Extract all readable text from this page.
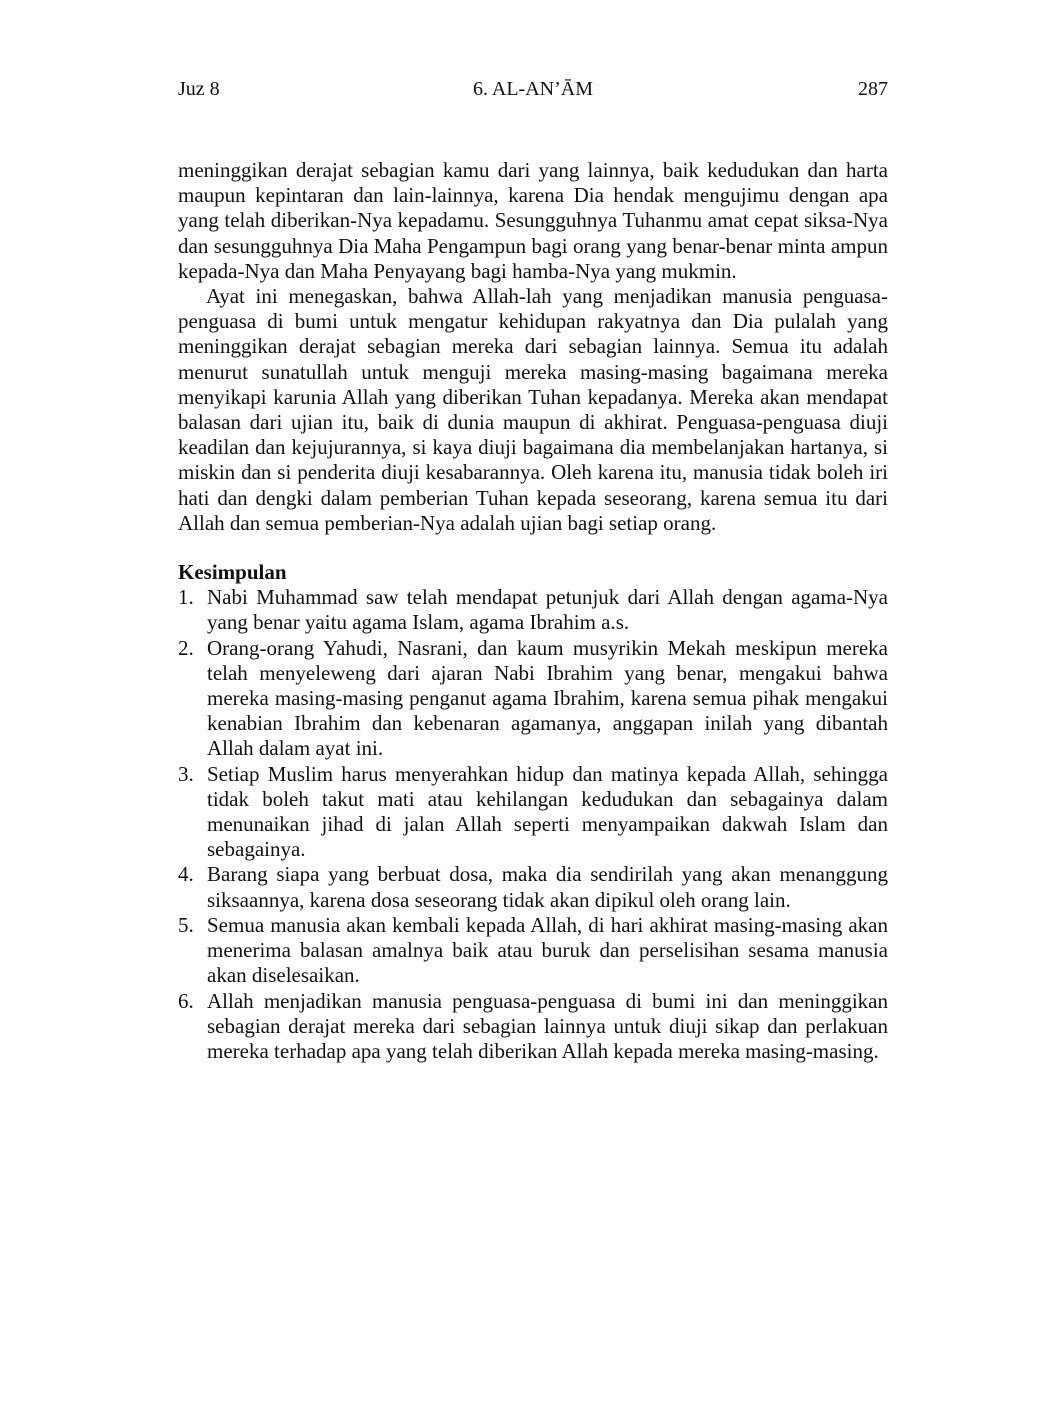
Juz 8	6. AL-AN’ĀM	287

meninggikan derajat sebagian kamu dari yang lainnya, baik kedudukan dan harta maupun kepintaran dan lain-lainnya, karena Dia hendak mengujimu dengan apa yang telah diberikan-Nya kepadamu. Sesungguhnya Tuhanmu amat cepat siksa-Nya dan sesungguhnya Dia Maha Pengampun bagi orang yang benar-benar minta ampun kepada-Nya dan Maha Penyayang bagi hamba-Nya yang mukmin.

Ayat ini menegaskan, bahwa Allah-lah yang menjadikan manusia penguasa-penguasa di bumi untuk mengatur kehidupan rakyatnya dan Dia pulalah yang meninggikan derajat sebagian mereka dari sebagian lainnya. Semua itu adalah menurut sunatullah untuk menguji mereka masing-masing bagaimana mereka menyikapi karunia Allah yang diberikan Tuhan kepadanya. Mereka akan mendapat balasan dari ujian itu, baik di dunia maupun di akhirat. Penguasa-penguasa diuji keadilan dan kejujurannya, si kaya diuji bagaimana dia membelanjakan hartanya, si miskin dan si penderita diuji kesabarannya. Oleh karena itu, manusia tidak boleh iri hati dan dengki dalam pemberian Tuhan kepada seseorang, karena semua itu dari Allah dan semua pemberian-Nya adalah ujian bagi setiap orang.

Kesimpulan
1. Nabi Muhammad saw telah mendapat petunjuk dari Allah dengan agama-Nya yang benar yaitu agama Islam, agama Ibrahim a.s.
2. Orang-orang Yahudi, Nasrani, dan kaum musyrikin Mekah meskipun mereka telah menyeleweng dari ajaran Nabi Ibrahim yang benar, mengakui bahwa mereka masing-masing penganut agama Ibrahim, karena semua pihak mengakui kenabian Ibrahim dan kebenaran agamanya, anggapan inilah yang dibantah Allah dalam ayat ini.
3. Setiap Muslim harus menyerahkan hidup dan matinya kepada Allah, sehingga tidak boleh takut mati atau kehilangan kedudukan dan sebagainya dalam menunaikan jihad di jalan Allah seperti menyampaikan dakwah Islam dan sebagainya.
4. Barang siapa yang berbuat dosa, maka dia sendirilah yang akan menanggung siksaannya, karena dosa seseorang tidak akan dipikul oleh orang lain.
5. Semua manusia akan kembali kepada Allah, di hari akhirat masing-masing akan menerima balasan amalnya baik atau buruk dan perselisihan sesama manusia akan diselesaikan.
6. Allah menjadikan manusia penguasa-penguasa di bumi ini dan meninggikan sebagian derajat mereka dari sebagian lainnya untuk diuji sikap dan perlakuan mereka terhadap apa yang telah diberikan Allah kepada mereka masing-masing.
